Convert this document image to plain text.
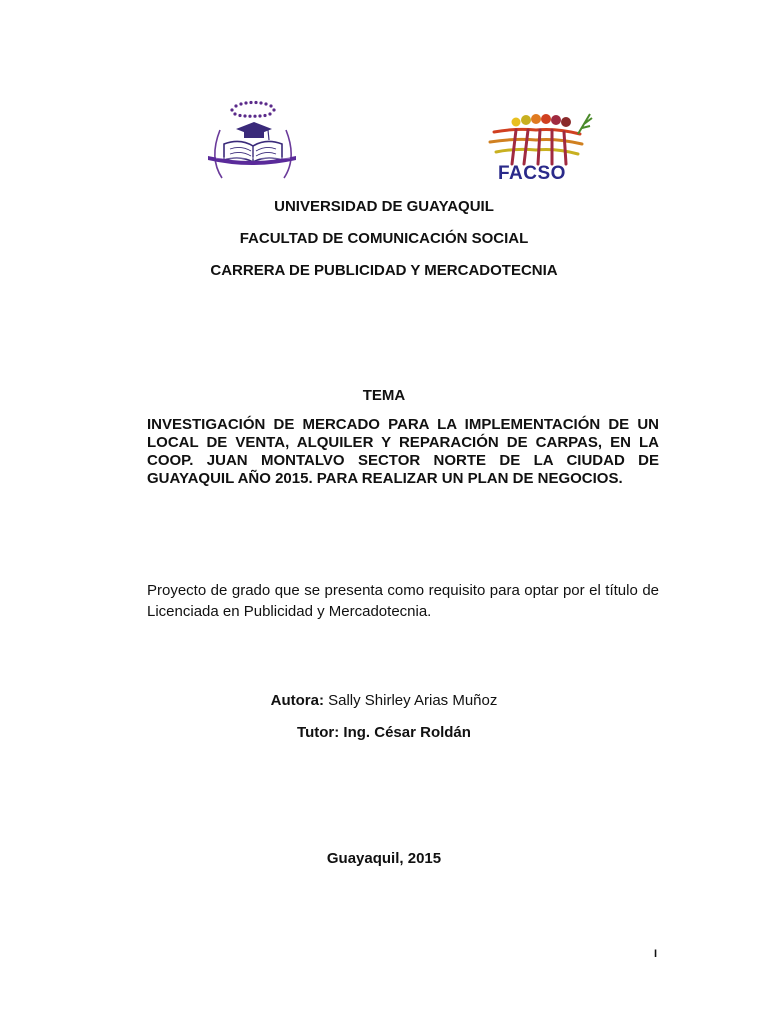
FACSO
UNIVERSIDAD DE GUAYAQUIL
FACULTAD DE COMUNICACIÓN SOCIAL
CARRERA DE PUBLICIDAD Y MERCADOTECNIA
TEMA
INVESTIGACIÓN DE MERCADO PARA LA IMPLEMENTACIÓN DE UN LOCAL DE VENTA, ALQUILER Y REPARACIÓN DE CARPAS, EN LA COOP. JUAN MONTALVO SECTOR NORTE DE LA CIUDAD DE GUAYAQUIL AÑO 2015. PARA REALIZAR UN PLAN DE NEGOCIOS.
Proyecto de grado que se presenta como requisito para optar por el título de Licenciada en Publicidad y Mercadotecnia.
Autora: Sally Shirley Arias Muñoz
Tutor: Ing. César Roldán
Guayaquil, 2015
I
